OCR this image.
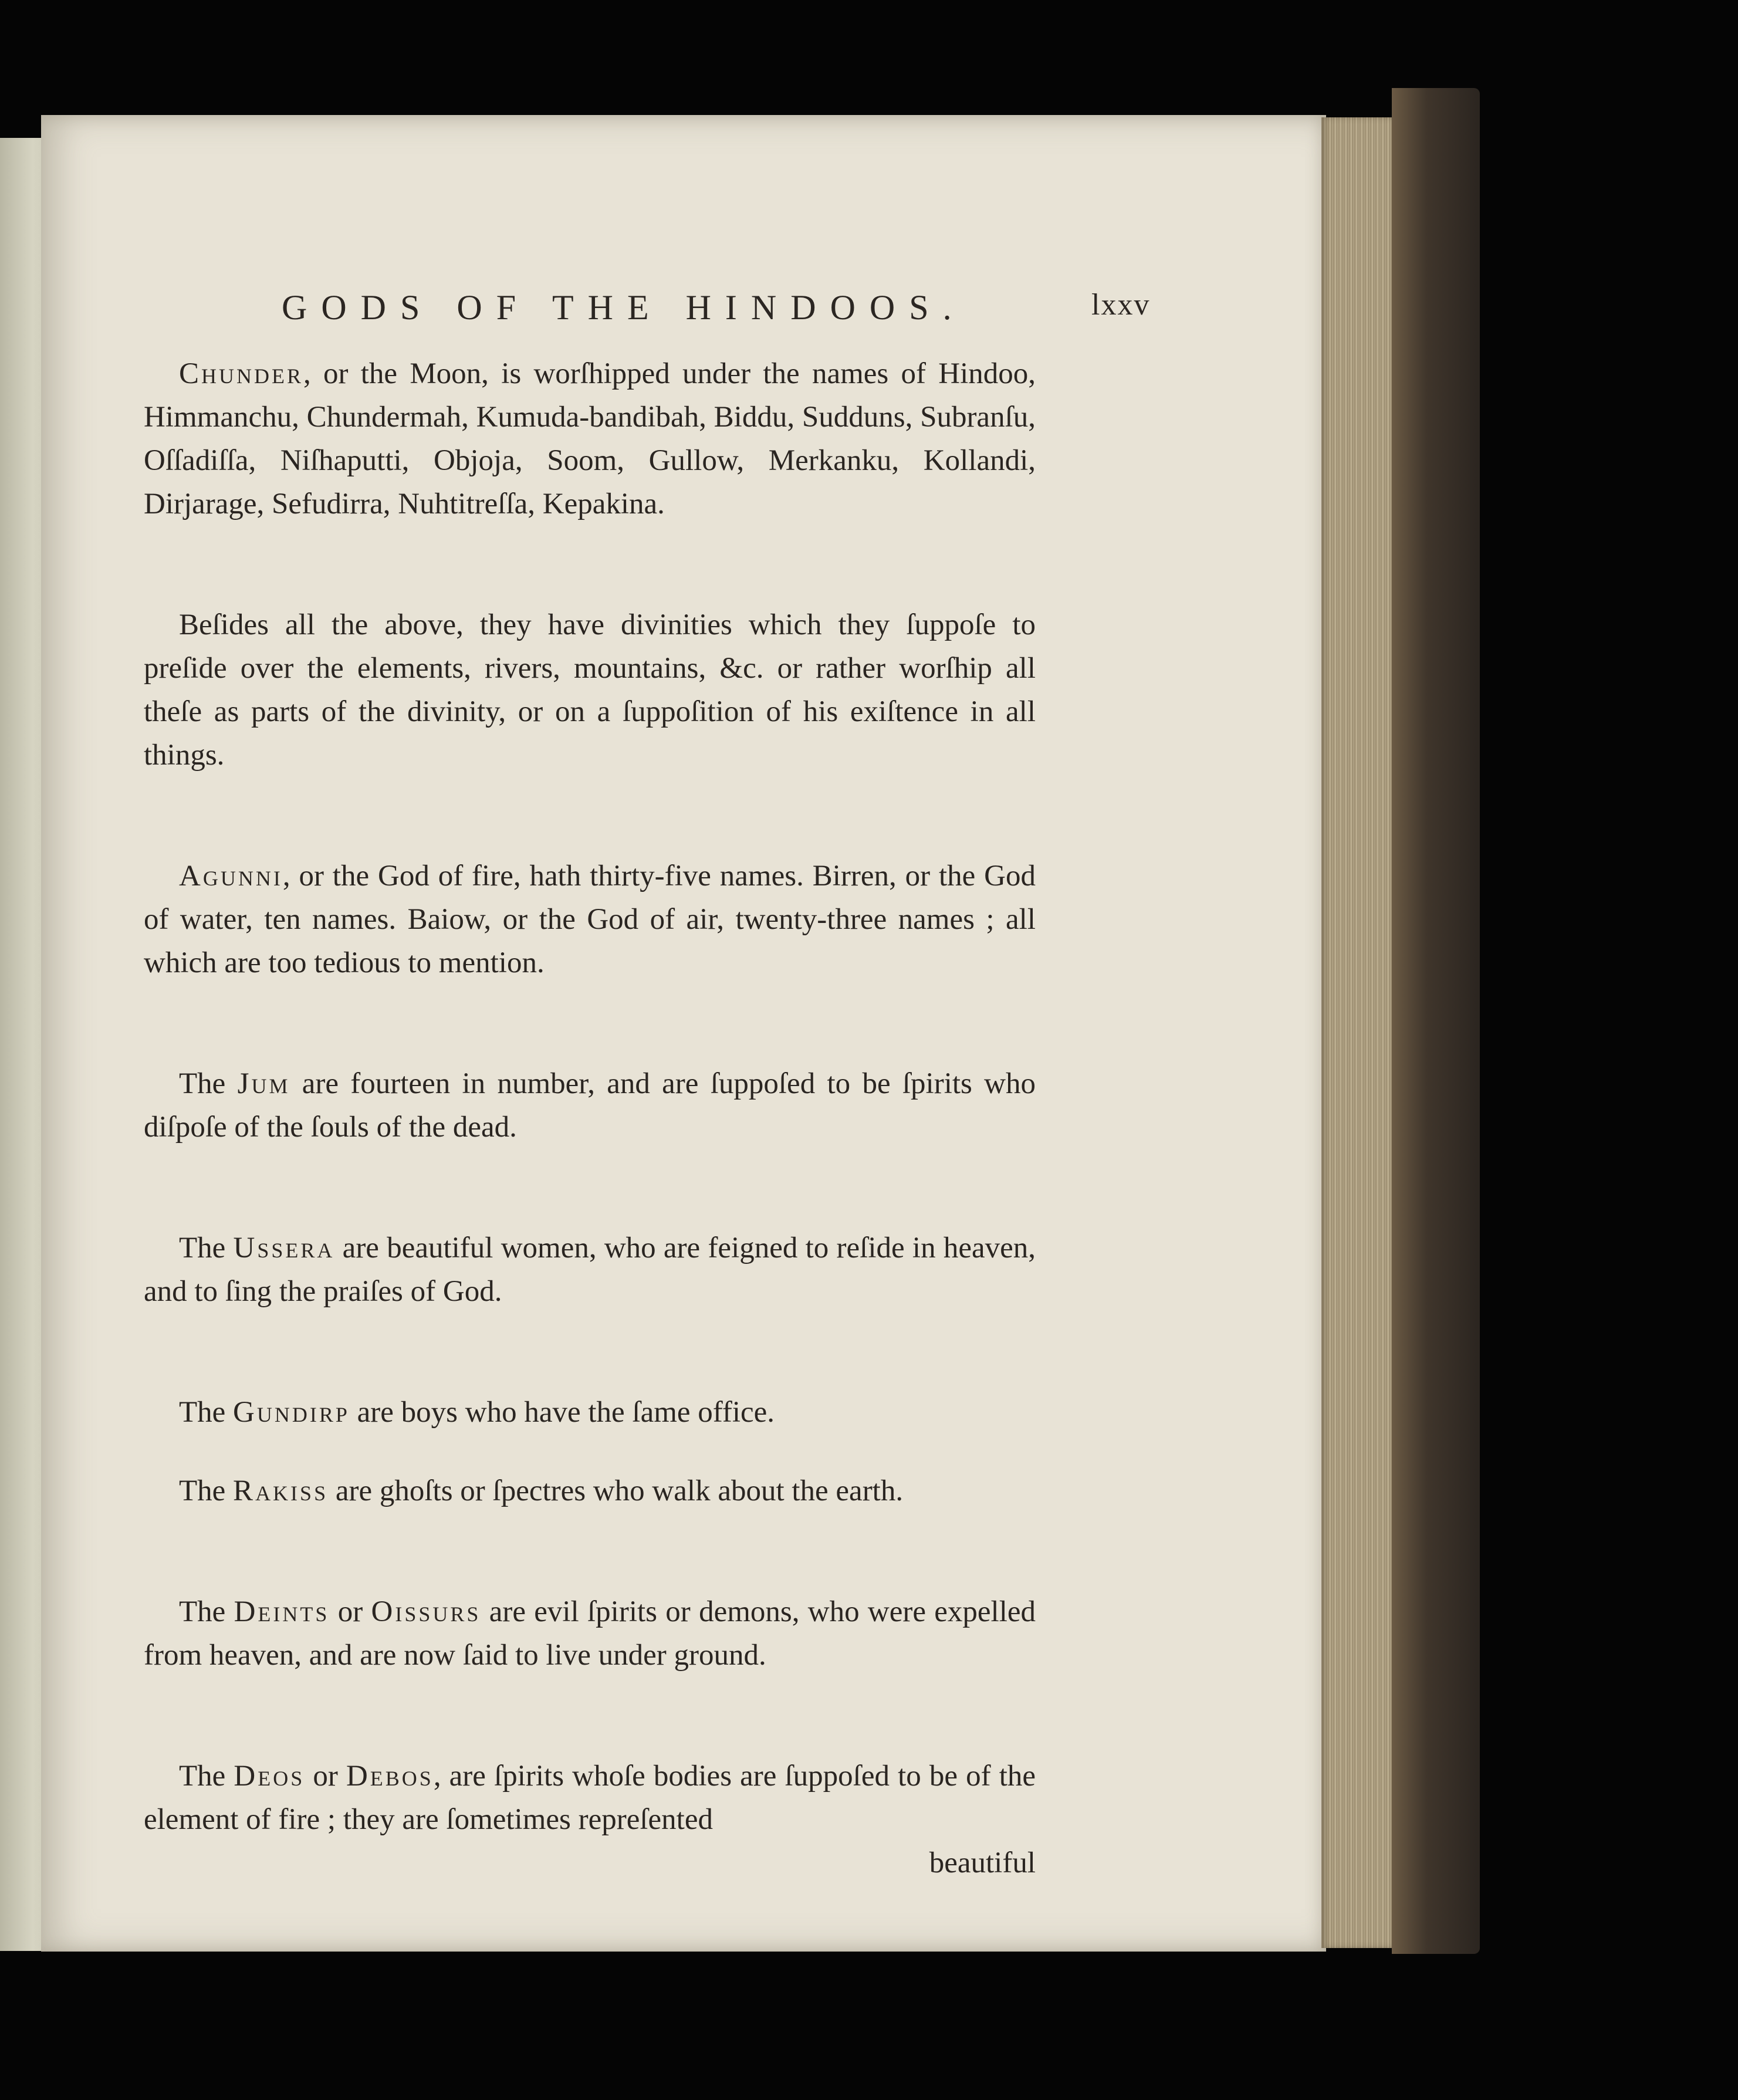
GODS OF THE HINDOOS.	lxxv

Chunder, or the Moon, is worſhipped under the names of Hindoo, Himmanchu, Chundermah, Kumuda-bandibah, Biddu, Sudduns, Subranſu, Oſſadiſſa, Niſhaputti, Objoja, Soom, Gullow, Merkanku, Kollandi, Dirjarage, Sefudirra, Nuhtitreſſa, Kepakina.

Beſides all the above, they have divinities which they ſuppoſe to preſide over the elements, rivers, mountains, &c. or rather worſhip all theſe as parts of the divinity, or on a ſuppoſition of his exiſtence in all things.

Agunni, or the God of fire, hath thirty-five names. Birren, or the God of water, ten names. Baiow, or the God of air, twenty-three names ; all which are too tedious to mention.

The Jum are fourteen in number, and are ſuppoſed to be ſpirits who diſpoſe of the ſouls of the dead.

The Ussera are beautiful women, who are feigned to reſide in heaven, and to ſing the praiſes of God.

The Gundirp are boys who have the ſame office.

The Rakiss are ghoſts or ſpectres who walk about the earth.

The Deints or Oissurs are evil ſpirits or demons, who were expelled from heaven, and are now ſaid to live under ground.

The Deos or Debos, are ſpirits whoſe bodies are ſuppoſed to be of the element of fire ; they are ſometimes repreſented

beautiful
